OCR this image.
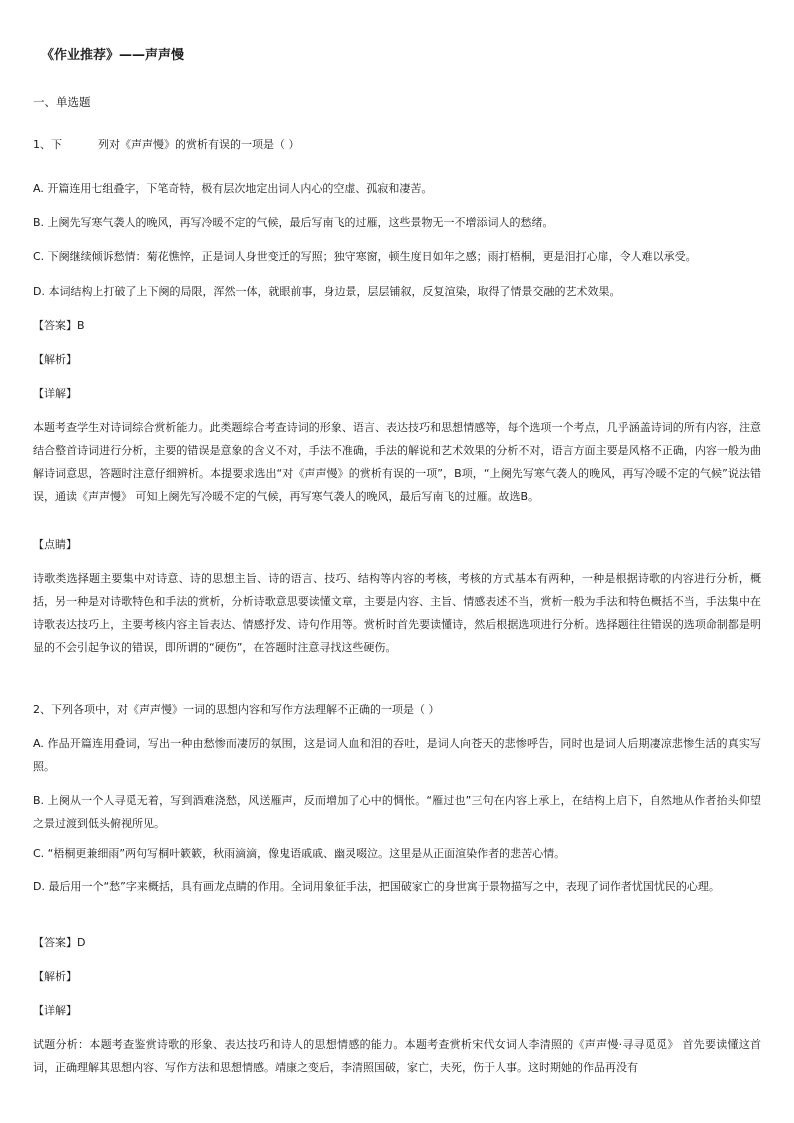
《作业推荐》——声声慢

一、单选题

1、下	列对《声声慢》的赏析有误的一项是（ ）

A. 开篇连用七组叠字，下笔奇特，极有层次地定出词人内心的空虚、孤寂和凄苦。

B. 上阕先写寒气袭人的晚风，再写冷暖不定的气候，最后写南飞的过雁，这些景物无一不增添词人的愁绪。

C. 下阕继续倾诉愁情：菊花憔悴，正是词人身世变迁的写照；独守寒窗，顿生度日如年之感；雨打梧桐，更是泪打心扉，令人难以承受。

D. 本词结构上打破了上下阕的局限，浑然一体，就眼前事，身边景，层层铺叙，反复渲染，取得了情景交融的艺术效果。

【答案】B

【解析】

【详解】

本题考查学生对诗词综合赏析能力。此类题综合考查诗词的形象、语言、表达技巧和思想情感等，每个选项一个考点，几乎涵盖诗词的所有内容，注意结合整首诗词进行分析，主要的错误是意象的含义不对，手法不准确，手法的解说和艺术效果的分析不对，语言方面主要是风格不正确，内容一般为曲解诗词意思，答题时注意仔细辨析。本提要求选出“对《声声慢》的赏析有误的一项”，B项，“上阕先写寒气袭人的晚风，再写冷暖不定的气候”说法错误，通读《声声慢》 可知上阕先写冷暖不定的气候，再写寒气袭人的晚风，最后写南飞的过雁。故选B。

【点睛】

诗歌类选择题主要集中对诗意、诗的思想主旨、诗的语言、技巧、结构等内容的考核，考核的方式基本有两种，一种是根据诗歌的内容进行分析，概括，另一种是对诗歌特色和手法的赏析，分析诗歌意思要读懂文章，主要是内容、主旨、情感表述不当，赏析一般为手法和特色概括不当，手法集中在诗歌表达技巧上，主要考核内容主旨表达、情感抒发、诗句作用等。赏析时首先要读懂诗，然后根据选项进行分析。选择题往往错误的选项命制都是明显的不会引起争议的错误，即所谓的“硬伤”，在答题时注意寻找这些硬伤。

2、下列各项中，对《声声慢》一词的思想内容和写作方法理解不正确的一项是（ ）

A. 作品开篇连用叠词，写出一种由愁惨而凄厉的氛围，这是词人血和泪的吞吐，是词人向苍天的悲惨呼告，同时也是词人后期凄凉悲惨生活的真实写照。

B. 上阕从一个人寻觅无着，写到酒难浇愁，风送雁声，反而增加了心中的惆怅。“雁过也”三句在内容上承上，在结构上启下，自然地从作者抬头仰望之景过渡到低头俯视所见。

C. “梧桐更兼细雨”两句写桐叶簌簌，秋雨滴滴，像鬼语戚戚、幽灵啜泣。这里是从正面渲染作者的悲苦心情。

D. 最后用一个“愁”字来概括，具有画龙点睛的作用。全词用象征手法，把国破家亡的身世寓于景物描写之中，表现了词作者忧国忧民的心理。

【答案】D

【解析】

【详解】

试题分析：本题考查鉴赏诗歌的形象、表达技巧和诗人的思想情感的能力。本题考查赏析宋代女词人李清照的《声声慢·寻寻觅觅》 首先要读懂这首词，正确理解其思想内容、写作方法和思想情感。靖康之变后，李清照国破，家亡，夫死，伤于人事。这时期她的作品再没有
